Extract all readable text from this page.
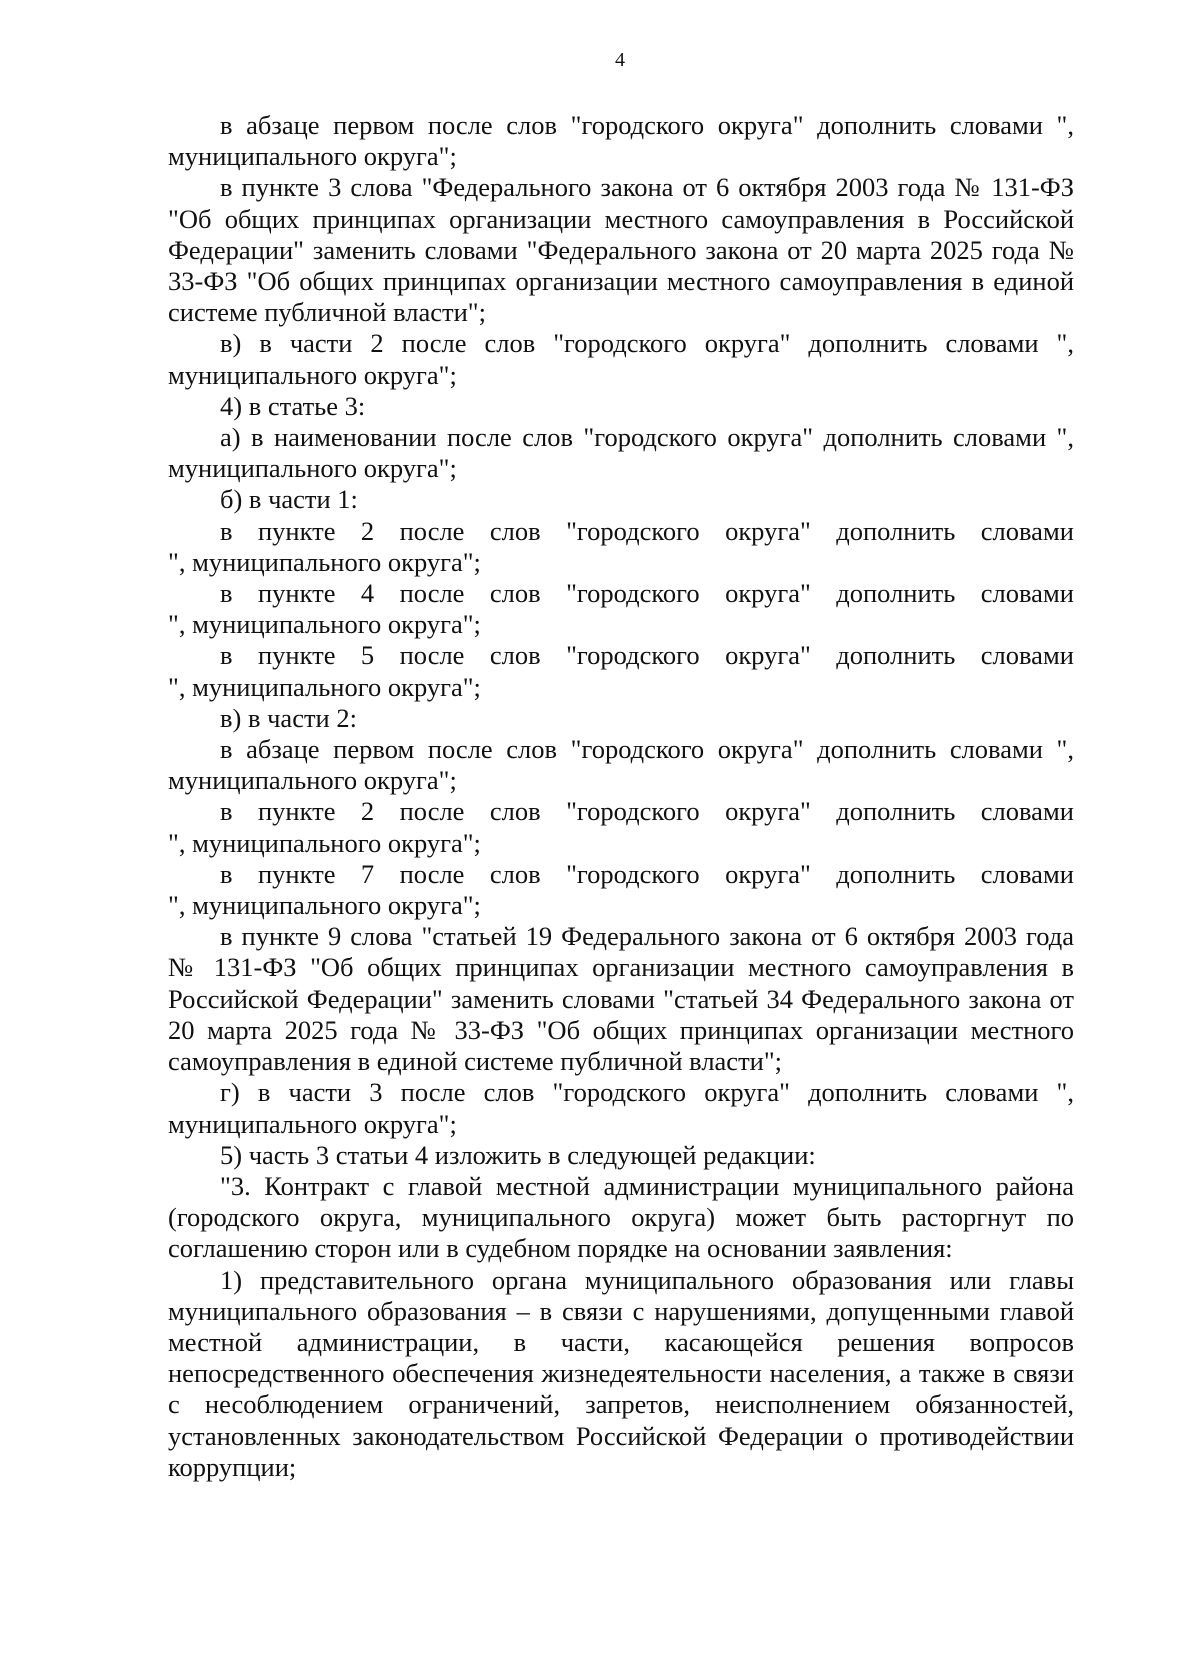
4

в абзаце первом после слов "городского округа" дополнить словами ", муниципального округа";

в пункте 3 слова "Федерального закона от 6 октября 2003 года № 131-ФЗ "Об общих принципах организации местного самоуправления в Российской Федерации" заменить словами "Федерального закона от 20 марта 2025 года № 33-ФЗ "Об общих принципах организации местного самоуправления в единой системе публичной власти";

в) в части 2 после слов "городского округа" дополнить словами ", муниципального округа";

4) в статье 3:

а) в наименовании после слов "городского округа" дополнить словами ", муниципального округа";

б) в части 1:

в пункте 2 после слов "городского округа" дополнить словами
", муниципального округа";
в пункте 4 после слов "городского округа" дополнить словами
", муниципального округа";
в пункте 5 после слов "городского округа" дополнить словами
", муниципального округа";

в) в части 2:

в абзаце первом после слов "городского округа" дополнить словами ", муниципального округа";

в пункте 2 после слов "городского округа" дополнить словами
", муниципального округа";
в пункте 7 после слов "городского округа" дополнить словами
", муниципального округа";

в пункте 9 слова "статьей 19 Федерального закона от 6 октября 2003 года № 131-ФЗ "Об общих принципах организации местного самоуправления в Российской Федерации" заменить словами "статьей 34 Федерального закона от 20 марта 2025 года № 33-ФЗ "Об общих принципах организации местного самоуправления в единой системе публичной власти";

г) в части 3 после слов "городского округа" дополнить словами ", муниципального округа";

5) часть 3 статьи 4 изложить в следующей редакции:

"3. Контракт с главой местной администрации муниципального района (городского округа, муниципального округа) может быть расторгнут по соглашению сторон или в судебном порядке на основании заявления:

1) представительного органа муниципального образования или главы муниципального образования – в связи с нарушениями, допущенными главой местной администрации, в части, касающейся решения вопросов непосредственного обеспечения жизнедеятельности населения, а также в связи с несоблюдением ограничений, запретов, неисполнением обязанностей, установленных законодательством Российской Федерации о противодействии коррупции;
